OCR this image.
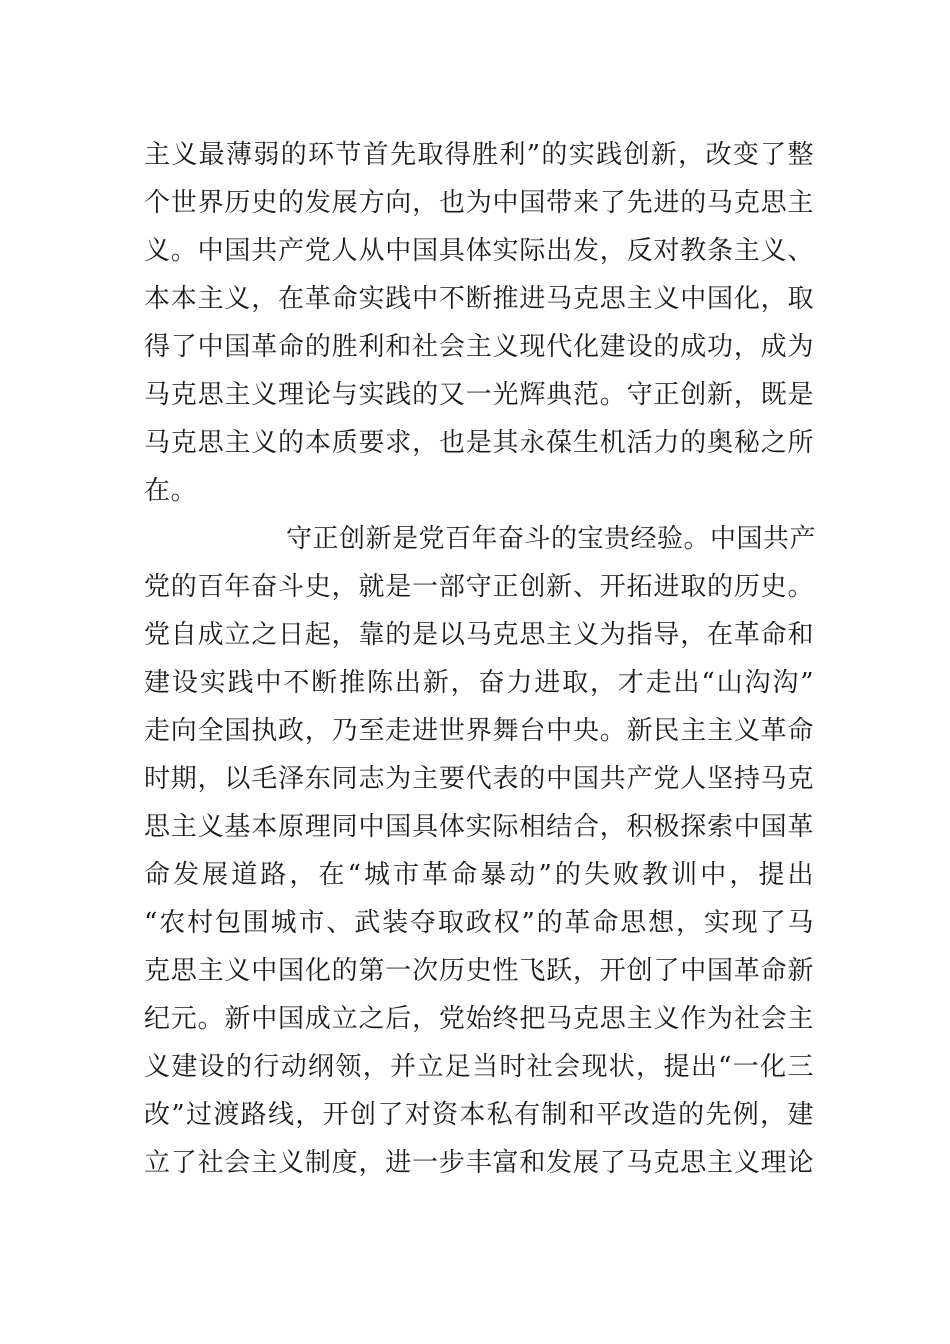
主义最薄弱的环节首先取得胜利”的实践创新，改变了整
个世界历史的发展方向，也为中国带来了先进的马克思主
义。中国共产党人从中国具体实际出发，反对教条主义、
本本主义，在革命实践中不断推进马克思主义中国化，取
得了中国革命的胜利和社会主义现代化建设的成功，成为
马克思主义理论与实践的又一光辉典范。守正创新，既是
马克思主义的本质要求，也是其永葆生机活力的奥秘之所
在。
守正创新是党百年奋斗的宝贵经验。中国共产
党的百年奋斗史，就是一部守正创新、开拓进取的历史。
党自成立之日起，靠的是以马克思主义为指导，在革命和
建设实践中不断推陈出新，奋力进取，才走出“山沟沟”
走向全国执政，乃至走进世界舞台中央。新民主主义革命
时期，以毛泽东同志为主要代表的中国共产党人坚持马克
思主义基本原理同中国具体实际相结合，积极探索中国革
命发展道路，在“城市革命暴动”的失败教训中，提出
“农村包围城市、武装夺取政权”的革命思想，实现了马
克思主义中国化的第一次历史性飞跃，开创了中国革命新
纪元。新中国成立之后，党始终把马克思主义作为社会主
义建设的行动纲领，并立足当时社会现状，提出“一化三
改”过渡路线，开创了对资本私有制和平改造的先例，建
立了社会主义制度，进一步丰富和发展了马克思主义理论
